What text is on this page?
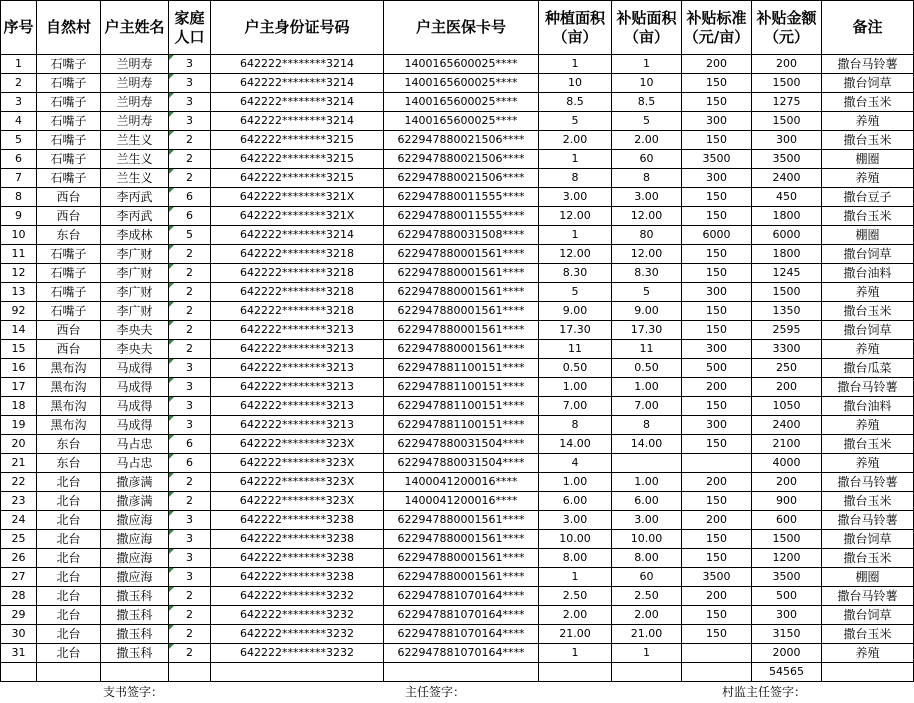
序号	自然村	户主姓名	家庭人口	户主身份证号码	户主医保卡号	种植面积（亩）	补贴面积（亩）	补贴标准（元/亩）	补贴金额（元）	备注
1	石嘴子	兰明寿	3	642222********3214	1400165600025****	1	1	200	200	撒台马铃薯
2	石嘴子	兰明寿	3	642222********3214	1400165600025****	10	10	150	1500	撒台饲草
3	石嘴子	兰明寿	3	642222********3214	1400165600025****	8.5	8.5	150	1275	撒台玉米
4	石嘴子	兰明寿	3	642222********3214	1400165600025****	5	5	300	1500	养殖
5	石嘴子	兰生义	2	642222********3215	622947880021506****	2.00	2.00	150	300	撒台玉米
6	石嘴子	兰生义	2	642222********3215	622947880021506****	1	60	3500	3500	棚圈
7	石嘴子	兰生义	2	642222********3215	622947880021506****	8	8	300	2400	养殖
8	西台	李丙武	6	642222********321X	622947880011555****	3.00	3.00	150	450	撒台豆子
9	西台	李丙武	6	642222********321X	622947880011555****	12.00	12.00	150	1800	撒台玉米
10	东台	李成林	5	642222********3214	622947880031508****	1	80	6000	6000	棚圈
11	石嘴子	李广财	2	642222********3218	622947880001561****	12.00	12.00	150	1800	撒台饲草
12	石嘴子	李广财	2	642222********3218	622947880001561****	8.30	8.30	150	1245	撒台油料
13	石嘴子	李广财	2	642222********3218	622947880001561****	5	5	300	1500	养殖
92	石嘴子	李广财	2	642222********3218	622947880001561****	9.00	9.00	150	1350	撒台玉米
14	西台	李央夫	2	642222********3213	622947880001561****	17.30	17.30	150	2595	撒台饲草
15	西台	李央夫	2	642222********3213	622947880001561****	11	11	300	3300	养殖
16	黑布沟	马成得	3	642222********3213	622947881100151****	0.50	0.50	500	250	撒台瓜菜
17	黑布沟	马成得	3	642222********3213	622947881100151****	1.00	1.00	200	200	撒台马铃薯
18	黑布沟	马成得	3	642222********3213	622947881100151****	7.00	7.00	150	1050	撒台油料
19	黑布沟	马成得	3	642222********3213	622947881100151****	8	8	300	2400	养殖
20	东台	马占忠	6	642222********323X	622947880031504****	14.00	14.00	150	2100	撒台玉米
21	东台	马占忠	6	642222********323X	622947880031504****	4			4000	养殖
22	北台	撒彦满	2	642222********323X	1400041200016****	1.00	1.00	200	200	撒台马铃薯
23	北台	撒彦满	2	642222********323X	1400041200016****	6.00	6.00	150	900	撒台玉米
24	北台	撒应海	3	642222********3238	622947880001561****	3.00	3.00	200	600	撒台马铃薯
25	北台	撒应海	3	642222********3238	622947880001561****	10.00	10.00	150	1500	撒台饲草
26	北台	撒应海	3	642222********3238	622947880001561****	8.00	8.00	150	1200	撒台玉米
27	北台	撒应海	3	642222********3238	622947880001561****	1	60	3500	3500	棚圈
28	北台	撒玉科	2	642222********3232	622947881070164****	2.50	2.50	200	500	撒台马铃薯
29	北台	撒玉科	2	642222********3232	622947881070164****	2.00	2.00	150	300	撒台饲草
30	北台	撒玉科	2	642222********3232	622947881070164****	21.00	21.00	150	3150	撒台玉米
31	北台	撒玉科	2	642222********3232	622947881070164****	1	1		2000	养殖
									54565	
支书签字：	主任签字：	村监主任签字：
